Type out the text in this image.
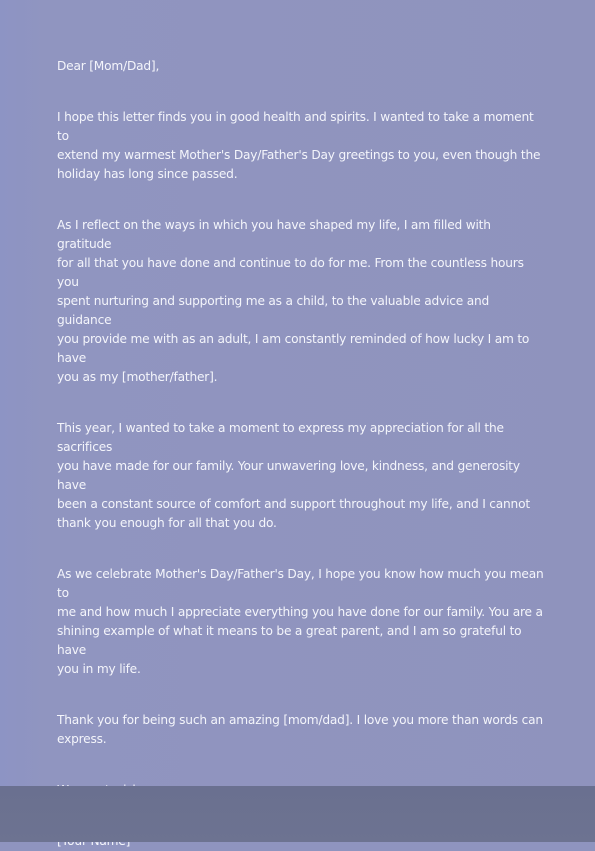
Dear [Mom/Dad],

I hope this letter finds you in good health and spirits. I wanted to take a moment to
extend my warmest Mother's Day/Father's Day greetings to you, even though the
holiday has long since passed.

As I reflect on the ways in which you have shaped my life, I am filled with gratitude
for all that you have done and continue to do for me. From the countless hours you
spent nurturing and supporting me as a child, to the valuable advice and guidance
you provide me with as an adult, I am constantly reminded of how lucky I am to have
you as my [mother/father].

This year, I wanted to take a moment to express my appreciation for all the sacrifices
you have made for our family. Your unwavering love, kindness, and generosity have
been a constant source of comfort and support throughout my life, and I cannot
thank you enough for all that you do.

As we celebrate Mother's Day/Father's Day, I hope you know how much you mean to
me and how much I appreciate everything you have done for our family. You are a
shining example of what it means to be a great parent, and I am so grateful to have
you in my life.

Thank you for being such an amazing [mom/dad]. I love you more than words can
express.
